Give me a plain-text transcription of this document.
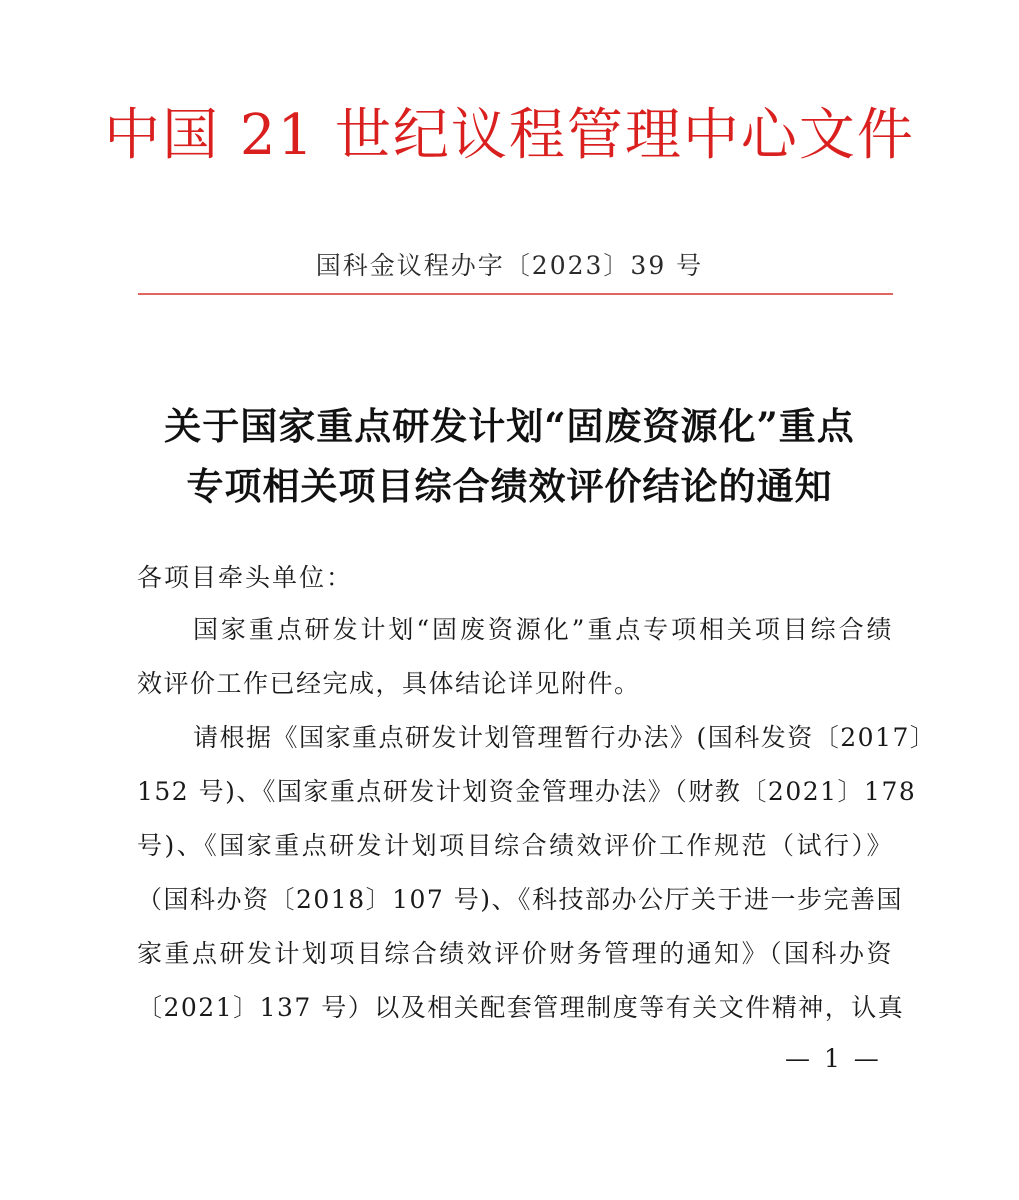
中国 21 世纪议程管理中心文件
国科金议程办字〔2023〕39 号
关于国家重点研发计划“固废资源化”重点
专项相关项目综合绩效评价结论的通知
各项目牵头单位：
国家重点研发计划“固废资源化”重点专项相关项目综合绩
效评价工作已经完成，具体结论详见附件。
请根据《国家重点研发计划管理暂行办法》(国科发资〔2017〕
152 号)、《国家重点研发计划资金管理办法》（财教〔2021〕178
号)、《国家重点研发计划项目综合绩效评价工作规范（试行）》
（国科办资〔2018〕107 号)、《科技部办公厅关于进一步完善国
家重点研发计划项目综合绩效评价财务管理的通知》（国科办资
〔2021〕137 号）以及相关配套管理制度等有关文件精神，认真
— 1 —
